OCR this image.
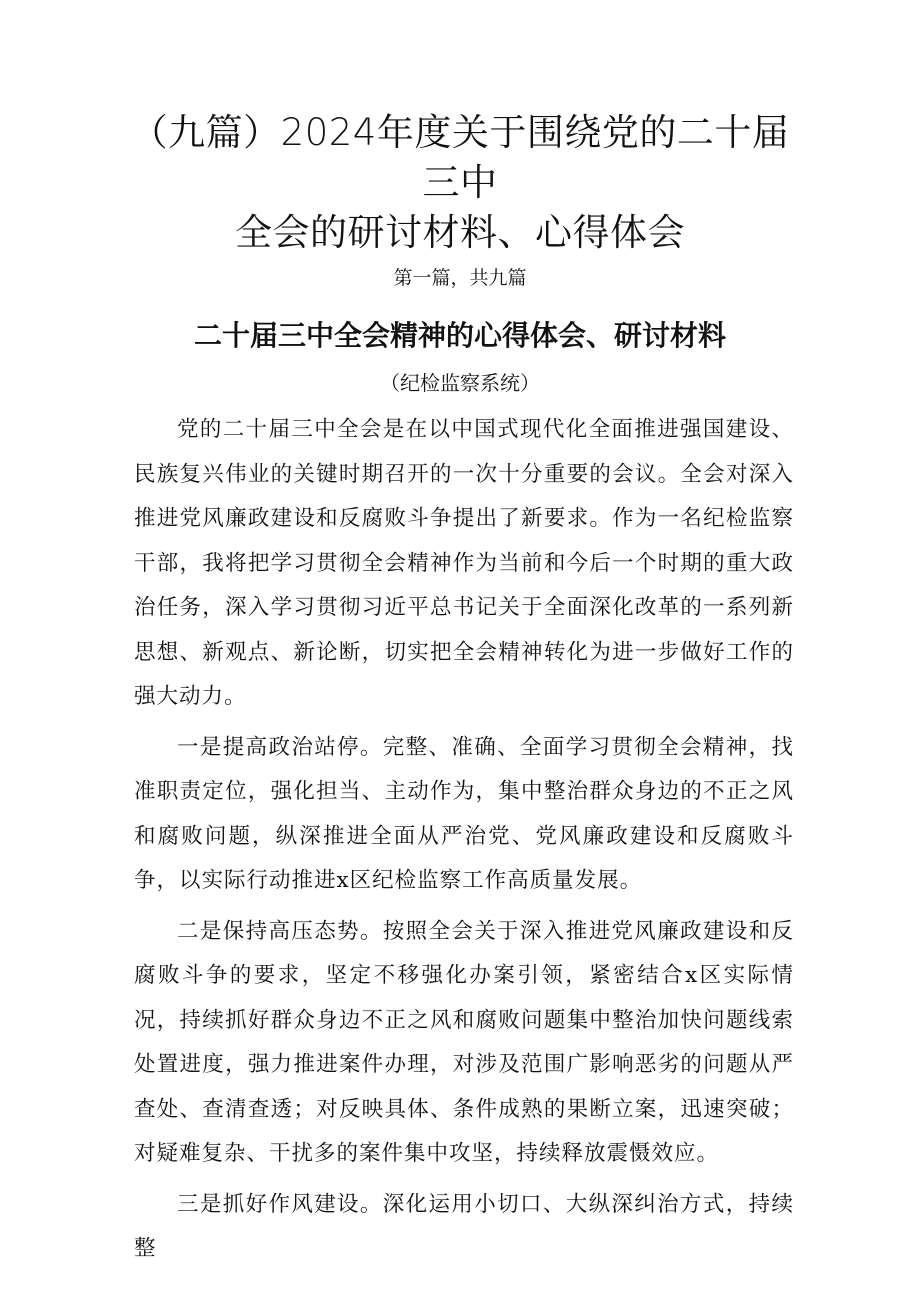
（九篇）2024年度关于围绕党的二十届三中
全会的研讨材料、心得体会
第一篇，共九篇
二十届三中全会精神的心得体会、研讨材料
（纪检监察系统）

党的二十届三中全会是在以中国式现代化全面推进强国建设、民族复兴伟业的关键时期召开的一次十分重要的会议。全会对深入推进党风廉政建设和反腐败斗争提出了新要求。作为一名纪检监察干部，我将把学习贯彻全会精神作为当前和今后一个时期的重大政治任务，深入学习贯彻习近平总书记关于全面深化改革的一系列新思想、新观点、新论断，切实把全会精神转化为进一步做好工作的强大动力。

一是提高政治站停。完整、准确、全面学习贯彻全会精神，找准职责定位，强化担当、主动作为，集中整治群众身边的不正之风和腐败问题，纵深推进全面从严治党、党风廉政建设和反腐败斗争，以实际行动推进x区纪检监察工作高质量发展。

二是保持高压态势。按照全会关于深入推进党风廉政建设和反腐败斗争的要求，坚定不移强化办案引领，紧密结合x区实际情况，持续抓好群众身边不正之风和腐败问题集中整治加快问题线索处置进度，强力推进案件办理，对涉及范围广影响恶劣的问题从严查处、查清查透；对反映具体、条件成熟的果断立案，迅速突破；对疑难复杂、干扰多的案件集中攻坚，持续释放震慑效应。

三是抓好作风建设。深化运用小切口、大纵深纠治方式，持续整
